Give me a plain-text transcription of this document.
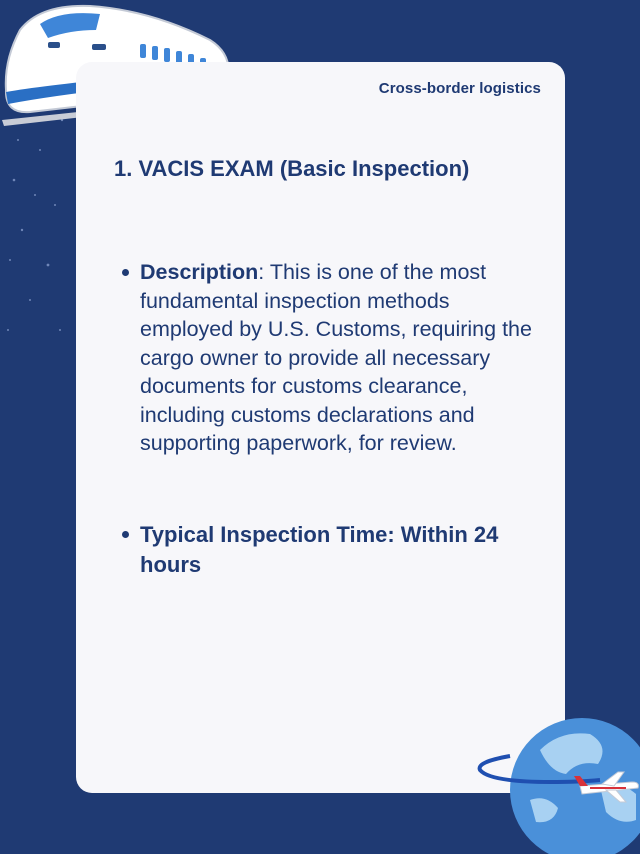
Cross-border logistics
1. VACIS EXAM (Basic Inspection)
Description: This is one of the most fundamental inspection methods employed by U.S. Customs, requiring the cargo owner to provide all necessary documents for customs clearance, including customs declarations and supporting paperwork, for review.
Typical Inspection Time: Within 24 hours
